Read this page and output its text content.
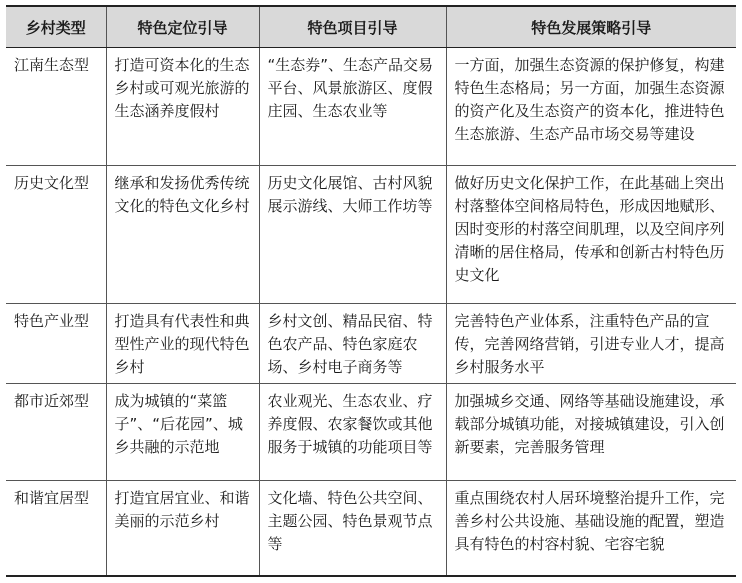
乡村类型	特色定位引导	特色项目引导	特色发展策略引导
江南生态型	打造可资本化的生态乡村或可观光旅游的生态涵养度假村	“生态券”、生态产品交易平台、风景旅游区、度假庄园、生态农业等	一方面，加强生态资源的保护修复，构建特色生态格局；另一方面，加强生态资源的资产化及生态资产的资本化，推进特色生态旅游、生态产品市场交易等建设
历史文化型	继承和发扬优秀传统文化的特色文化乡村	历史文化展馆、古村风貌展示游线、大师工作坊等	做好历史文化保护工作，在此基础上突出村落整体空间格局特色，形成因地赋形、因时变形的村落空间肌理，以及空间序列清晰的居住格局，传承和创新古村特色历史文化
特色产业型	打造具有代表性和典型性产业的现代特色乡村	乡村文创、精品民宿、特色农产品、特色家庭农场、乡村电子商务等	完善特色产业体系，注重特色产品的宣传，完善网络营销，引进专业人才，提高乡村服务水平
都市近郊型	成为城镇的“菜篮子”、“后花园”、城乡共融的示范地	农业观光、生态农业、疗养度假、农家餐饮或其他服务于城镇的功能项目等	加强城乡交通、网络等基础设施建设，承载部分城镇功能，对接城镇建设，引入创新要素，完善服务管理
和谐宜居型	打造宜居宜业、和谐美丽的示范乡村	文化墙、特色公共空间、主题公园、特色景观节点等	重点围绕农村人居环境整治提升工作，完善乡村公共设施、基础设施的配置，塑造具有特色的村容村貌、宅容宅貌
